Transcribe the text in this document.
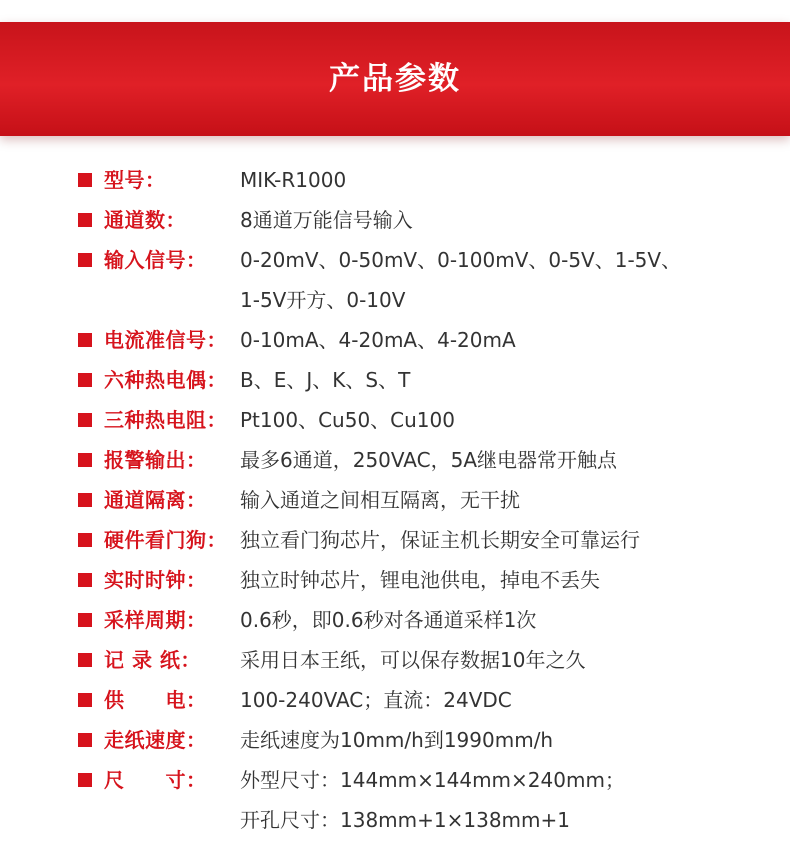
产品参数
型号：	MIK-R1000
通道数：	8通道万能信号输入
输入信号：	0-20mV、0-50mV、0-100mV、0-5V、1-5V、
1-5V开方、0-10V
电流准信号： 0-10mA、4-20mA、4-20mA
六种热电偶： B、E、J、K、S、T
三种热电阻： Pt100、Cu50、Cu100
报警输出：	最多6通道，250VAC，5A继电器常开触点
通道隔离：	输入通道之间相互隔离，无干扰
硬件看门狗： 独立看门狗芯片，保证主机长期安全可靠运行
实时时钟：	独立时钟芯片，锂电池供电，掉电不丢失
采样周期：	0.6秒，即0.6秒对各通道采样1次
记 录 纸：	采用日本王纸，可以保存数据10年之久
供　　电：	100-240VAC；直流：24VDC
走纸速度：	走纸速度为10mm/h到1990mm/h
尺　　寸：	外型尺寸：144mm×144mm×240mm；
开孔尺寸：138mm+1×138mm+1
